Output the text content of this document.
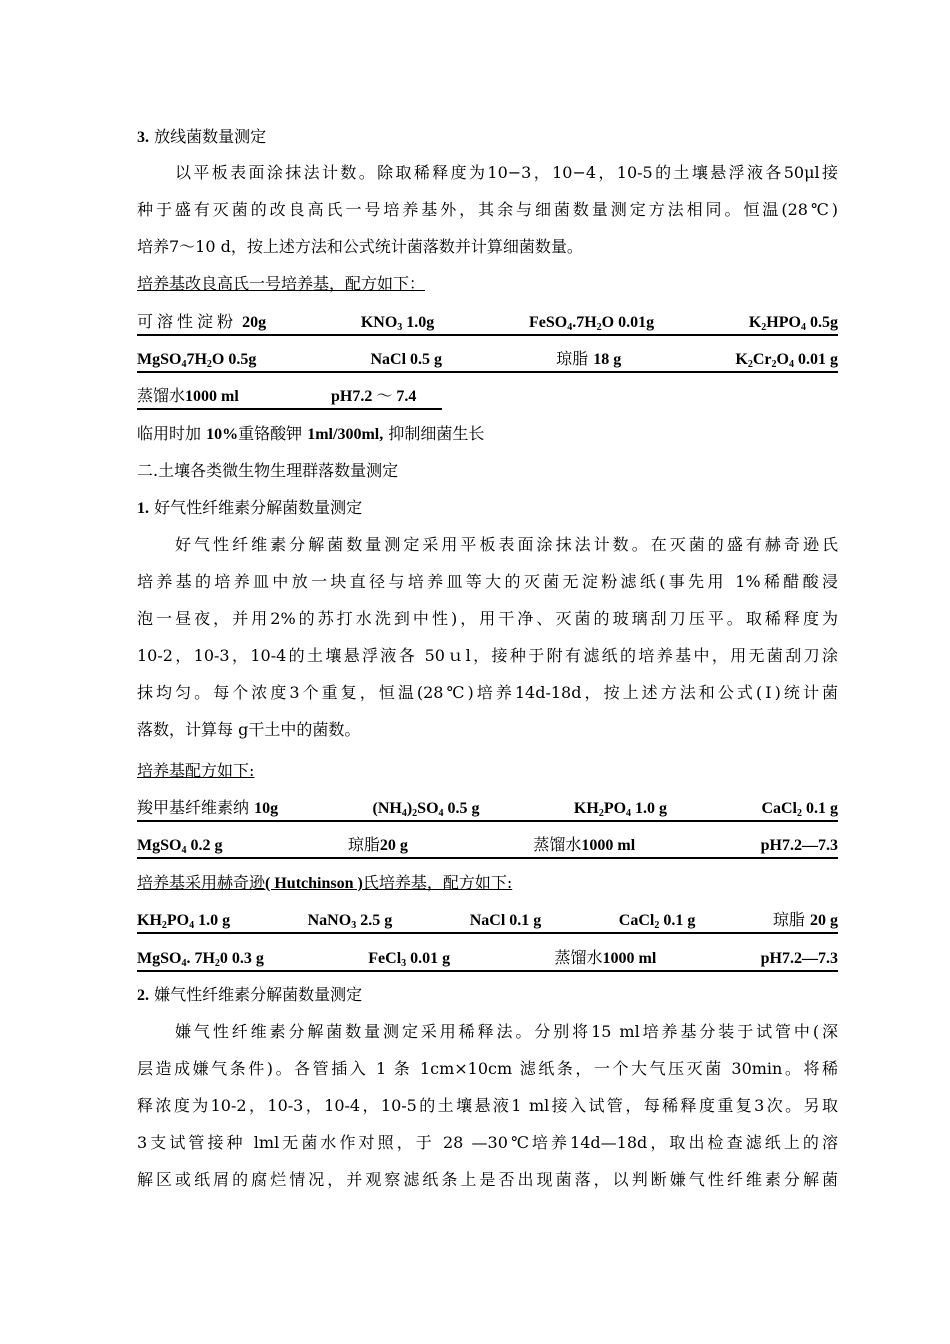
3. 放线菌数量测定
以平板表面涂抹法计数。除取稀释度为10−3，10−4，10-5的土壤悬浮液各50μl接
种于盛有灭菌的改良高氏一号培养基外，其余与细菌数量测定方法相同。恒温(28℃)
培养7～10 d，按上述方法和公式统计菌落数并计算细菌数量。
培养基改良高氏一号培养基，配方如下：
可溶性淀粉 20g	$KNO_3$ 1.0g	$FeSO_4.7H_2O$ 0.01g	$K_2HPO_4$ 0.5g
$MgSO_47H_2O$ 0.5g	NaCl 0.5 g	琼脂 18 g	$K_2Cr_2O_4$ 0.01 g
蒸馏水1000 ml	pH7.2 ～ 7.4
临用时加 10%重铬酸钾 1ml/300ml, 抑制细菌生长
二.土壤各类微生物生理群落数量测定
1. 好气性纤维素分解菌数量测定
好气性纤维素分解菌数量测定采用平板表面涂抹法计数。在灭菌的盛有赫奇逊氏
培养基的培养皿中放一块直径与培养皿等大的灭菌无淀粉滤纸(事先用 1%稀醋酸浸
泡一昼夜，并用2%的苏打水洗到中性)，用干净、灭菌的玻璃刮刀压平。取稀释度为
10-2，10-3，10-4的土壤悬浮液各 50ｕl，接种于附有滤纸的培养基中，用无菌刮刀涂
抹均匀。每个浓度3个重复，恒温(28℃)培养14d-18d，按上述方法和公式(Ⅰ)统计菌
落数，计算每 g干土中的菌数。
培养基配方如下:
羧甲基纤维素纳 10g	$(NH_4)_2SO_4$ 0.5 g	$KH_2PO_4$ 1.0 g	CaCl$_2$ 0.1 g
MgSO$_4$ 0.2 g	琼脂20 g	蒸馏水1000 ml	pH7.2—7.3
培养基采用赫奇逊( Hutchinson )氏培养基，配方如下:
$KH_2PO_4$ 1.0 g	NaNO$_3$ 2.5 g	NaCl 0.1 g	CaCl$_2$ 0.1 g	琼脂 20 g
MgSO$_4$. $7H_20$ 0.3 g	FeCl$_3$ 0.01 g	蒸馏水1000 ml	pH7.2—7.3
2. 嫌气性纤维素分解菌数量测定
嫌气性纤维素分解菌数量测定采用稀释法。分别将15 ml培养基分装于试管中(深
层造成嫌气条件)。各管插入 1 条 1cm×10cm 滤纸条，一个大气压灭菌 30min。将稀
释浓度为10-2，10-3，10-4，10-5的土壤悬液1 ml接入试管，每稀释度重复3次。另取
3支试管接种 lml无菌水作对照，于 28 —30℃培养14d—18d，取出检查滤纸上的溶
解区或纸屑的腐烂情况，并观察滤纸条上是否出现菌落，以判断嫌气性纤维素分解菌
